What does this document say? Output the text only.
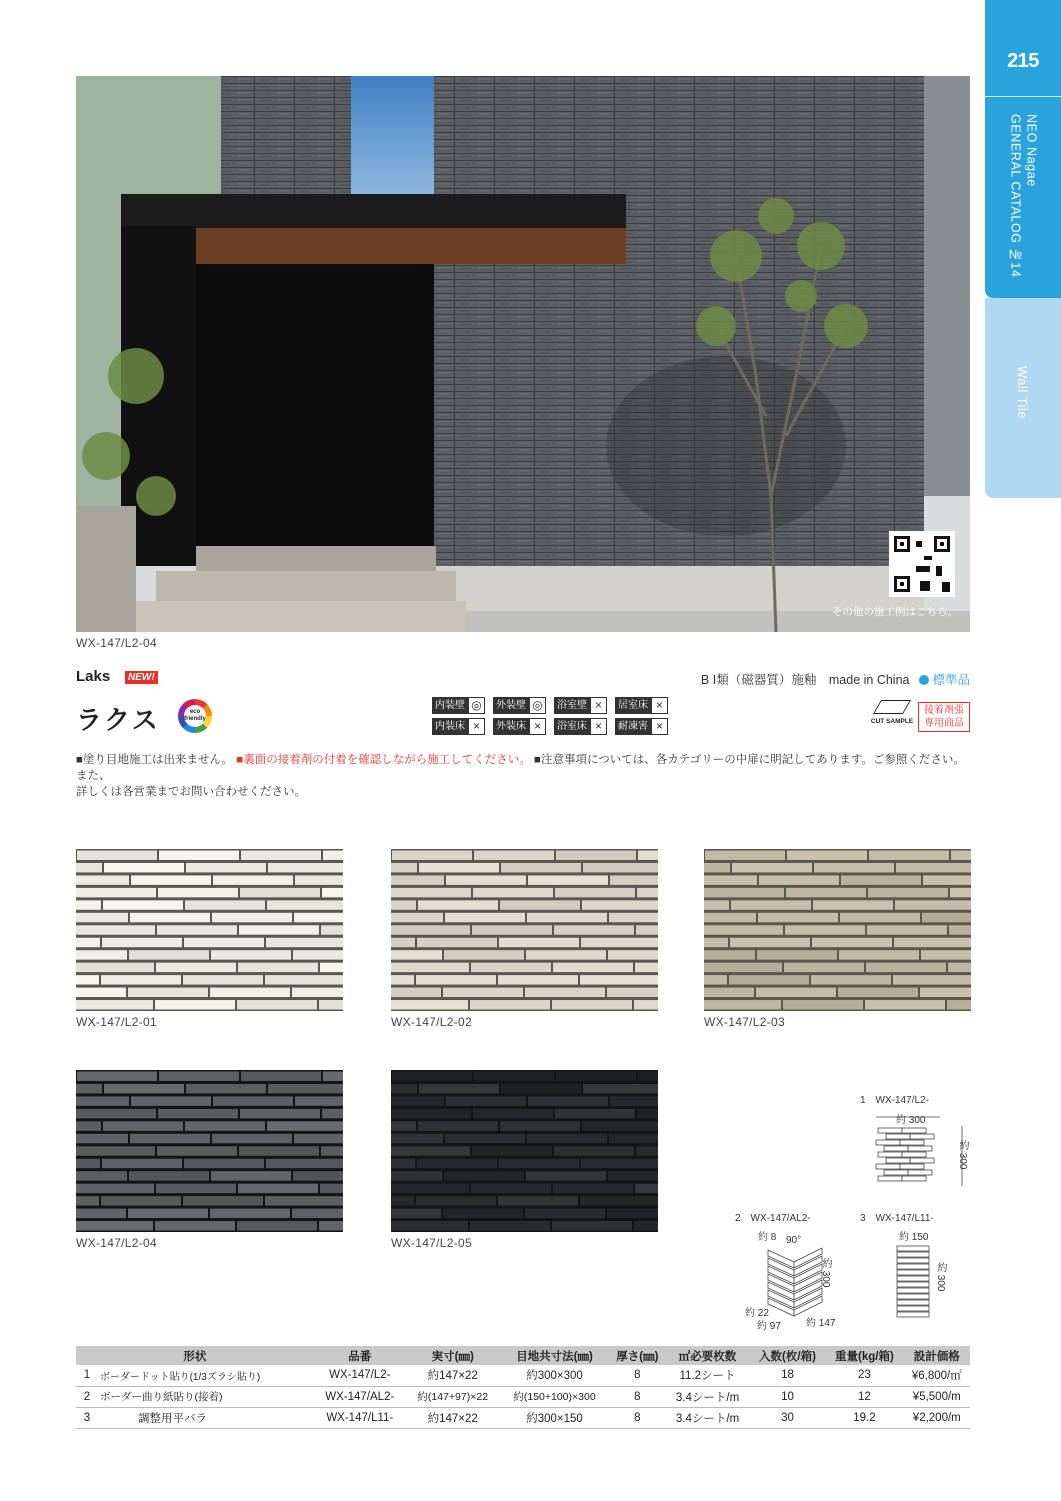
215
NEO Nagae
GENERAL CATALOG №14
Wall Tile
その他の施工例はこちら。
WX-147/L2-04
Laks	NEW!
ラクス	eco friendly
B Ⅰ類（磁器質）施釉　made in China 標準品
内装壁 ◎	外装壁 ◎	浴室壁 ×	居室床 ×
内装床 ×	外装床 ×	浴室床 ×	耐凍害 ×	CUT SAMPLE
接着剤張
専用商品
■塗り目地施工は出来ません。 ■裏面の接着剤の付着を確認しながら施工してください。 ■注意事項については、各カテゴリーの中扉に明記してあります。ご参照ください。また、
詳しくは各営業までお問い合わせください。
WX-147/L2-01	WX-147/L2-02	WX-147/L2-03
WX-147/L2-04	WX-147/L2-05
1　WX-147/L2-
約 300
約 300
2　WX-147/AL2-
約 8 90°
約 300
約 22
約 97	約 147
3　WX-147/L11-
約 150
約 300
形状		品番	実寸(㎜)	目地共寸法(㎜)	厚さ(㎜)	㎡必要枚数	入数(枚/箱)	重量(kg/箱)	設計価格
1	ボーダードット貼り(1/3ズラシ貼り)	WX-147/L2-	約147×22	約300×300	8	11.2シート	18	23	¥6,800/㎡
2	ボーダー曲り紙貼り(接着)	WX-147/AL2-	約(147+97)×22	約(150+100)×300	8	3.4シート/m	10	12	¥5,500/m
3	調整用平バラ	WX-147/L11-	約147×22	約300×150	8	3.4シート/m	30	19.2	¥2,200/m
